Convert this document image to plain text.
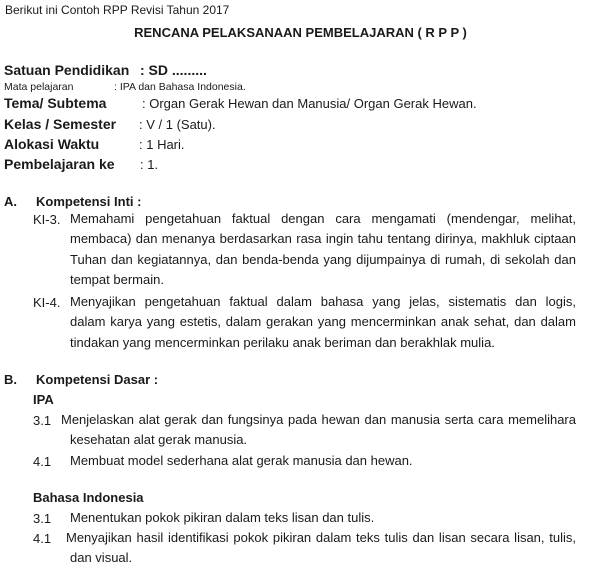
Berikut ini Contoh RPP Revisi Tahun 2017
RENCANA PELAKSANAAN PEMBELAJARAN ( R P P )
Satuan Pendidikan : SD .........
Mata pelajaran	: IPA dan Bahasa Indonesia.
Tema/ Subtema	: Organ Gerak Hewan dan Manusia/ Organ Gerak Hewan.
Kelas / Semester : V / 1 (Satu).
Alokasi Waktu	: 1 Hari.
Pembelajaran ke : 1.
A. Kompetensi Inti :
KI-3. Memahami pengetahuan faktual dengan cara mengamati (mendengar, melihat,
membaca) dan menanya berdasarkan rasa ingin tahu tentang dirinya, makhluk ciptaan
Tuhan dan kegiatannya, dan benda-benda yang dijumpainya di rumah, di sekolah dan
tempat bermain.
KI-4. Menyajikan pengetahuan faktual dalam bahasa yang jelas, sistematis dan logis,
dalam karya yang estetis, dalam gerakan yang mencerminkan anak sehat, dan dalam
tindakan yang mencerminkan perilaku anak beriman dan berakhlak mulia.
B. Kompetensi Dasar :
IPA
3.1 Menjelaskan alat gerak dan fungsinya pada hewan dan manusia serta cara memelihara
kesehatan alat gerak manusia.
4.1 Membuat model sederhana alat gerak manusia dan hewan.
Bahasa Indonesia
3.1 Menentukan pokok pikiran dalam teks lisan dan tulis.
4.1 Menyajikan hasil identifikasi pokok pikiran dalam teks tulis dan lisan secara lisan, tulis,
dan visual.
